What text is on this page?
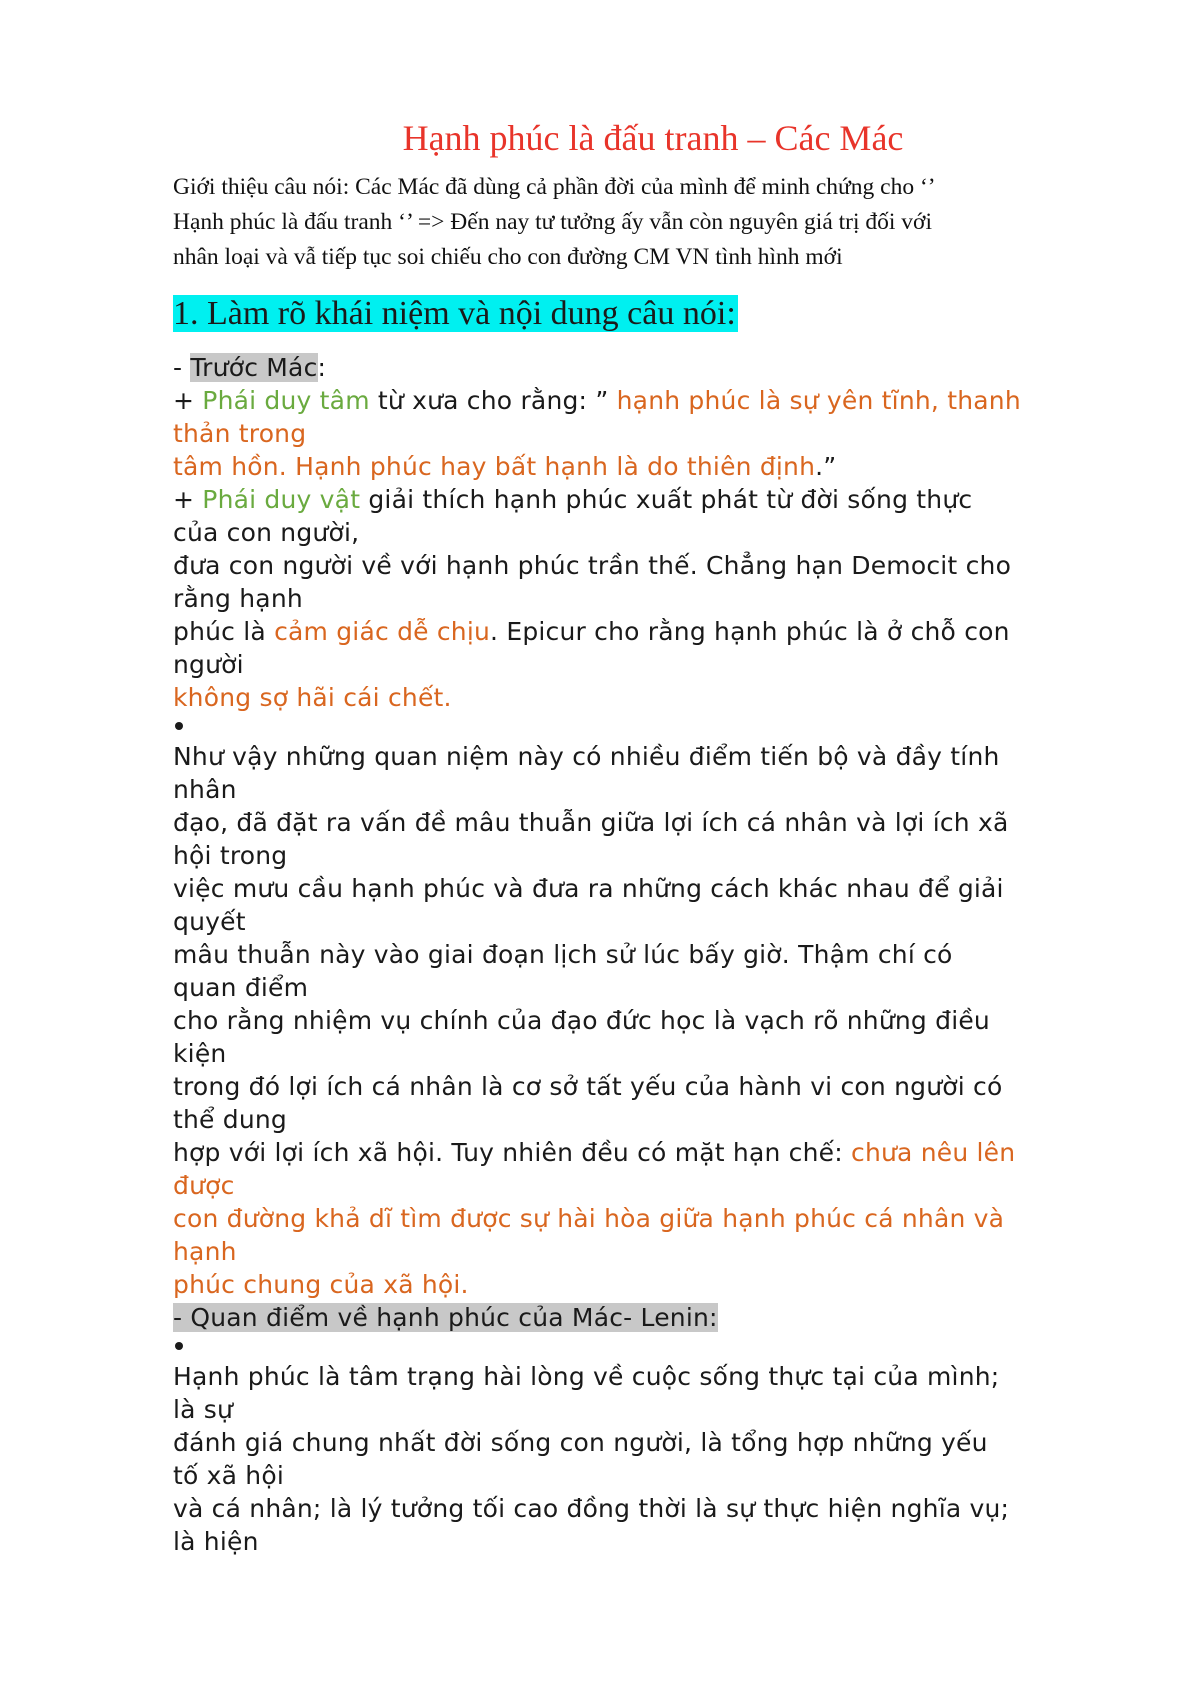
Hạnh phúc là đấu tranh – Các Mác
Giới thiệu câu nói: Các Mác đã dùng cả phần đời của mình để minh chứng cho ‘’
Hạnh phúc là đấu tranh ‘’ => Đến nay tư tưởng ấy vẫn còn nguyên giá trị đối với
nhân loại và vẫ tiếp tục soi chiếu cho con đường CM VN tình hình mới
1. Làm rõ khái niệm và nội dung câu nói:
- Trước Mác:
+ Phái duy tâm từ xưa cho rằng: ” hạnh phúc là sự yên tĩnh, thanh
thản trong
tâm hồn. Hạnh phúc hay bất hạnh là do thiên định.”
+ Phái duy vật giải thích hạnh phúc xuất phát từ đời sống thực
của con người,
đưa con người về với hạnh phúc trần thế. Chẳng hạn Democit cho
rằng hạnh
phúc là cảm giác dễ chịu. Epicur cho rằng hạnh phúc là ở chỗ con
người
không sợ hãi cái chết.
Như vậy những quan niệm này có nhiều điểm tiến bộ và đầy tính
nhân
đạo, đã đặt ra vấn đề mâu thuẫn giữa lợi ích cá nhân và lợi ích xã
hội trong
việc mưu cầu hạnh phúc và đưa ra những cách khác nhau để giải
quyết
mâu thuẫn này vào giai đoạn lịch sử lúc bấy giờ. Thậm chí có
quan điểm
cho rằng nhiệm vụ chính của đạo đức học là vạch rõ những điều
kiện
trong đó lợi ích cá nhân là cơ sở tất yếu của hành vi con người có
thể dung
hợp với lợi ích xã hội. Tuy nhiên đều có mặt hạn chế: chưa nêu lên
được
con đường khả dĩ tìm được sự hài hòa giữa hạnh phúc cá nhân và
hạnh
phúc chung của xã hội.
- Quan điểm về hạnh phúc của Mác- Lenin:
Hạnh phúc là tâm trạng hài lòng về cuộc sống thực tại của mình;
là sự
đánh giá chung nhất đời sống con người, là tổng hợp những yếu
tố xã hội
và cá nhân; là lý tưởng tối cao đồng thời là sự thực hiện nghĩa vụ;
là hiện
